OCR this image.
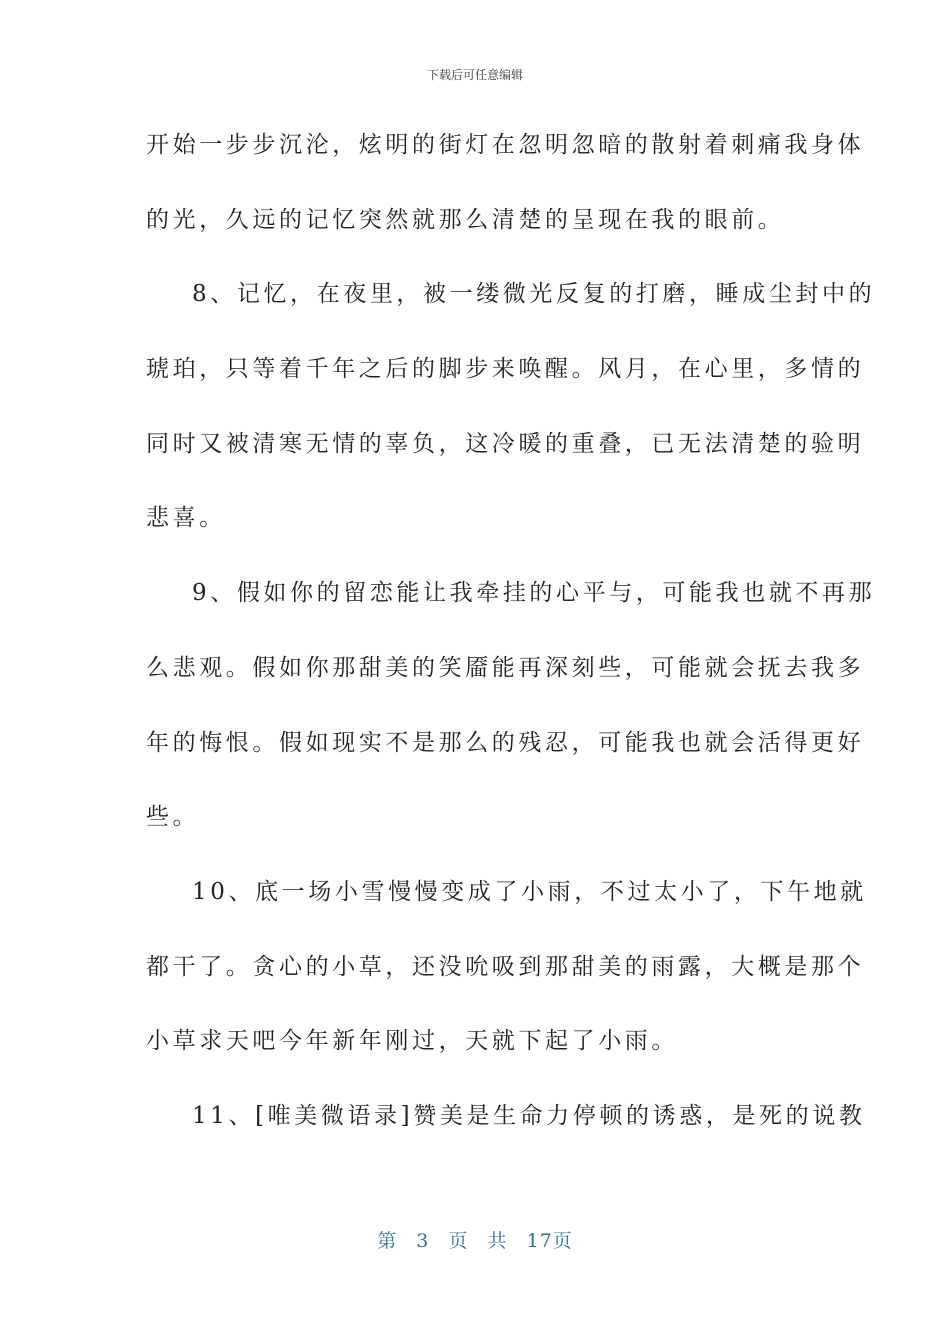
下载后可任意编辑
开始一步步沉沦，炫明的街灯在忽明忽暗的散射着刺痛我身体
的光，久远的记忆突然就那么清楚的呈现在我的眼前。
8、记忆，在夜里，被一缕微光反复的打磨，睡成尘封中的
琥珀，只等着千年之后的脚步来唤醒。风月，在心里，多情的
同时又被清寒无情的辜负，这冷暖的重叠，已无法清楚的验明
悲喜。
9、假如你的留恋能让我牵挂的心平与，可能我也就不再那
么悲观。假如你那甜美的笑靥能再深刻些，可能就会抚去我多
年的悔恨。假如现实不是那么的残忍，可能我也就会活得更好
些。
10、底一场小雪慢慢变成了小雨，不过太小了，下午地就
都干了。贪心的小草，还没吮吸到那甜美的雨露，大概是那个
小草求天吧今年新年刚过，天就下起了小雨。
11、[唯美微语录]赞美是生命力停顿的诱惑，是死的说教
第 3 页 共 17页
